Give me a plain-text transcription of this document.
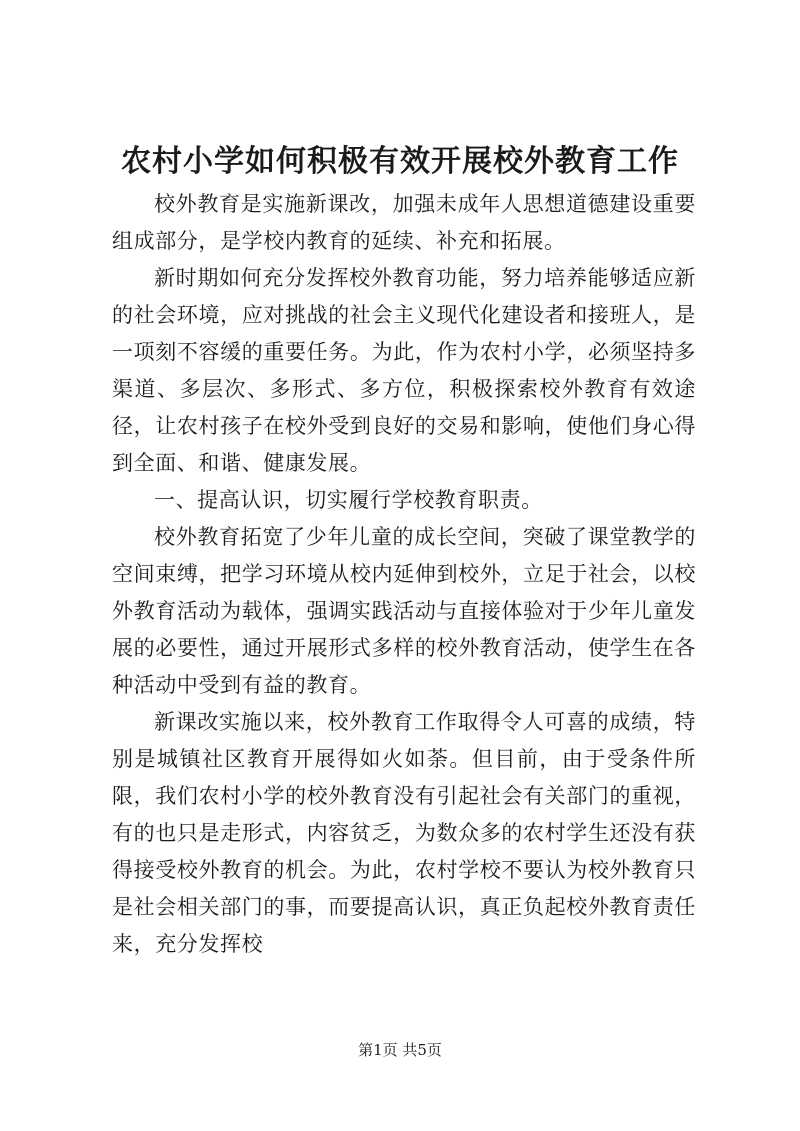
农村小学如何积极有效开展校外教育工作

校外教育是实施新课改，加强未成年人思想道德建设重要组成部分，是学校内教育的延续、补充和拓展。

新时期如何充分发挥校外教育功能，努力培养能够适应新的社会环境，应对挑战的社会主义现代化建设者和接班人，是一项刻不容缓的重要任务。为此，作为农村小学，必须坚持多渠道、多层次、多形式、多方位，积极探索校外教育有效途径，让农村孩子在校外受到良好的交易和影响，使他们身心得到全面、和谐、健康发展。

一、提高认识，切实履行学校教育职责。

校外教育拓宽了少年儿童的成长空间，突破了课堂教学的空间束缚，把学习环境从校内延伸到校外，立足于社会，以校外教育活动为载体，强调实践活动与直接体验对于少年儿童发展的必要性，通过开展形式多样的校外教育活动，使学生在各种活动中受到有益的教育。

新课改实施以来，校外教育工作取得令人可喜的成绩，特别是城镇社区教育开展得如火如荼。但目前，由于受条件所限，我们农村小学的校外教育没有引起社会有关部门的重视，有的也只是走形式，内容贫乏，为数众多的农村学生还没有获得接受校外教育的机会。为此，农村学校不要认为校外教育只是社会相关部门的事，而要提高认识，真正负起校外教育责任来，充分发挥校

第1页 共5页
